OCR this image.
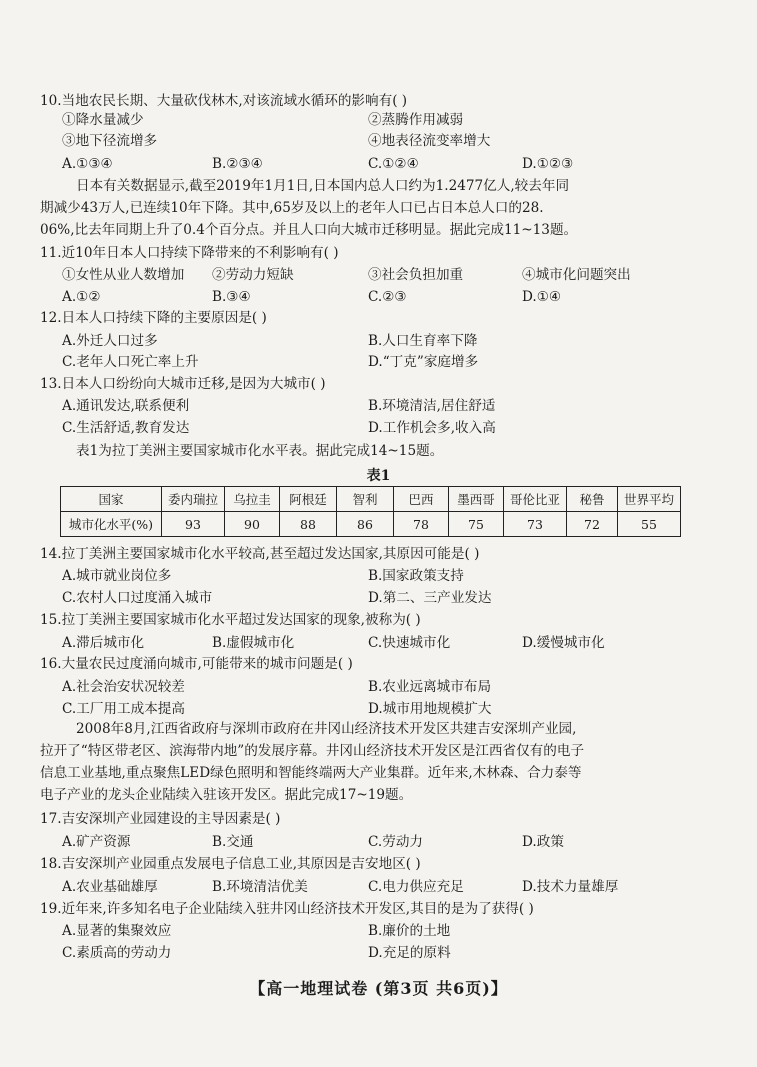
10.当地农民长期、大量砍伐林木,对该流域水循环的影响有( )
①降水量减少	②蒸腾作用减弱
③地下径流增多	④地表径流变率增大
A.①③④	B.②③④	C.①②④	D.①②③
日本有关数据显示,截至2019年1月1日,日本国内总人口约为1.2477亿人,较去年同
期减少43万人,已连续10年下降。其中,65岁及以上的老年人口已占日本总人口的28.
06%,比去年同期上升了0.4个百分点。并且人口向大城市迁移明显。据此完成11~13题。
11.近10年日本人口持续下降带来的不利影响有( )
①女性从业人数增加 ②劳动力短缺	③社会负担加重	④城市化问题突出
A.①②	B.③④	C.②③	D.①④
12.日本人口持续下降的主要原因是( )
A.外迁人口过多	B.人口生育率下降
C.老年人口死亡率上升	D.“丁克”家庭增多
13.日本人口纷纷向大城市迁移,是因为大城市( )
A.通讯发达,联系便利	B.环境清洁,居住舒适
C.生活舒适,教育发达	D.工作机会多,收入高
表1为拉丁美洲主要国家城市化水平表。据此完成14~15题。
表1
国家	委内瑞拉	乌拉圭	阿根廷	智利	巴西	墨西哥	哥伦比亚	秘鲁	世界平均
城市化水平(%)	93	90	88	86	78	75	73	72	55
14.拉丁美洲主要国家城市化水平较高,甚至超过发达国家,其原因可能是( )
A.城市就业岗位多	B.国家政策支持
C.农村人口过度涌入城市	D.第二、三产业发达
15.拉丁美洲主要国家城市化水平超过发达国家的现象,被称为( )
A.滞后城市化	B.虚假城市化	C.快速城市化	D.缓慢城市化
16.大量农民过度涌向城市,可能带来的城市问题是( )
A.社会治安状况较差	B.农业远离城市布局
C.工厂用工成本提高	D.城市用地规模扩大
2008年8月,江西省政府与深圳市政府在井冈山经济技术开发区共建吉安深圳产业园,
拉开了“特区带老区、滨海带内地”的发展序幕。井冈山经济技术开发区是江西省仅有的电子
信息工业基地,重点聚焦LED绿色照明和智能终端两大产业集群。近年来,木林森、合力泰等
电子产业的龙头企业陆续入驻该开发区。据此完成17~19题。
17.吉安深圳产业园建设的主导因素是( )
A.矿产资源	B.交通	C.劳动力	D.政策
18.吉安深圳产业园重点发展电子信息工业,其原因是吉安地区( )
A.农业基础雄厚	B.环境清洁优美	C.电力供应充足	D.技术力量雄厚
19.近年来,许多知名电子企业陆续入驻井冈山经济技术开发区,其目的是为了获得( )
A.显著的集聚效应	B.廉价的土地
C.素质高的劳动力	D.充足的原料
【高一地理试卷 (第3页 共6页)】
